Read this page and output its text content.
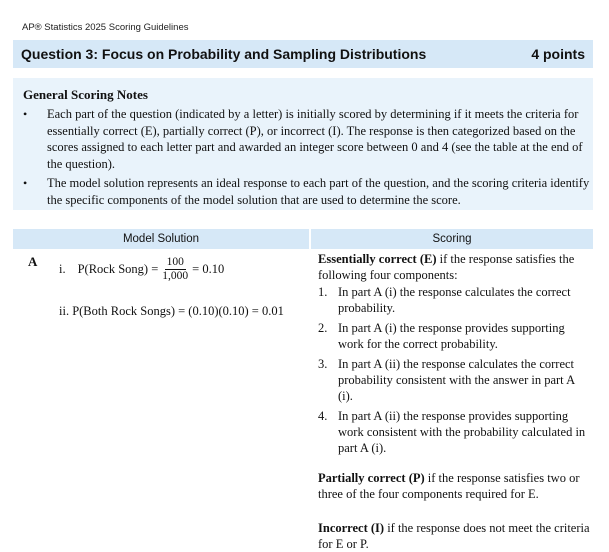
AP® Statistics 2025 Scoring Guidelines
Question 3: Focus on Probability and Sampling Distributions	4 points
General Scoring Notes
• Each part of the question (indicated by a letter) is initially scored by determining if it meets the criteria for essentially correct (E), partially correct (P), or incorrect (I). The response is then categorized based on the scores assigned to each letter part and awarded an integer score between 0 and 4 (see the table at the end of the question).
• The model solution represents an ideal response to each part of the question, and the scoring criteria identify the specific components of the model solution that are used to determine the score.
Model Solution	Scoring
A i. P(Rock Song) = $\frac{100}{1,000} = 0.10$
ii. P(Both Rock Songs) = (0.10)(0.10) = 0.01
Essentially correct (E) if the response satisfies the following four components:
1. In part A (i) the response calculates the correct probability.
2. In part A (i) the response provides supporting work for the correct probability.
3. In part A (ii) the response calculates the correct probability consistent with the answer in part A (i).
4. In part A (ii) the response provides supporting work consistent with the probability calculated in part A (i).
Partially correct (P) if the response satisfies two or three of the four components required for E.
Incorrect (I) if the response does not meet the criteria for E or P.
